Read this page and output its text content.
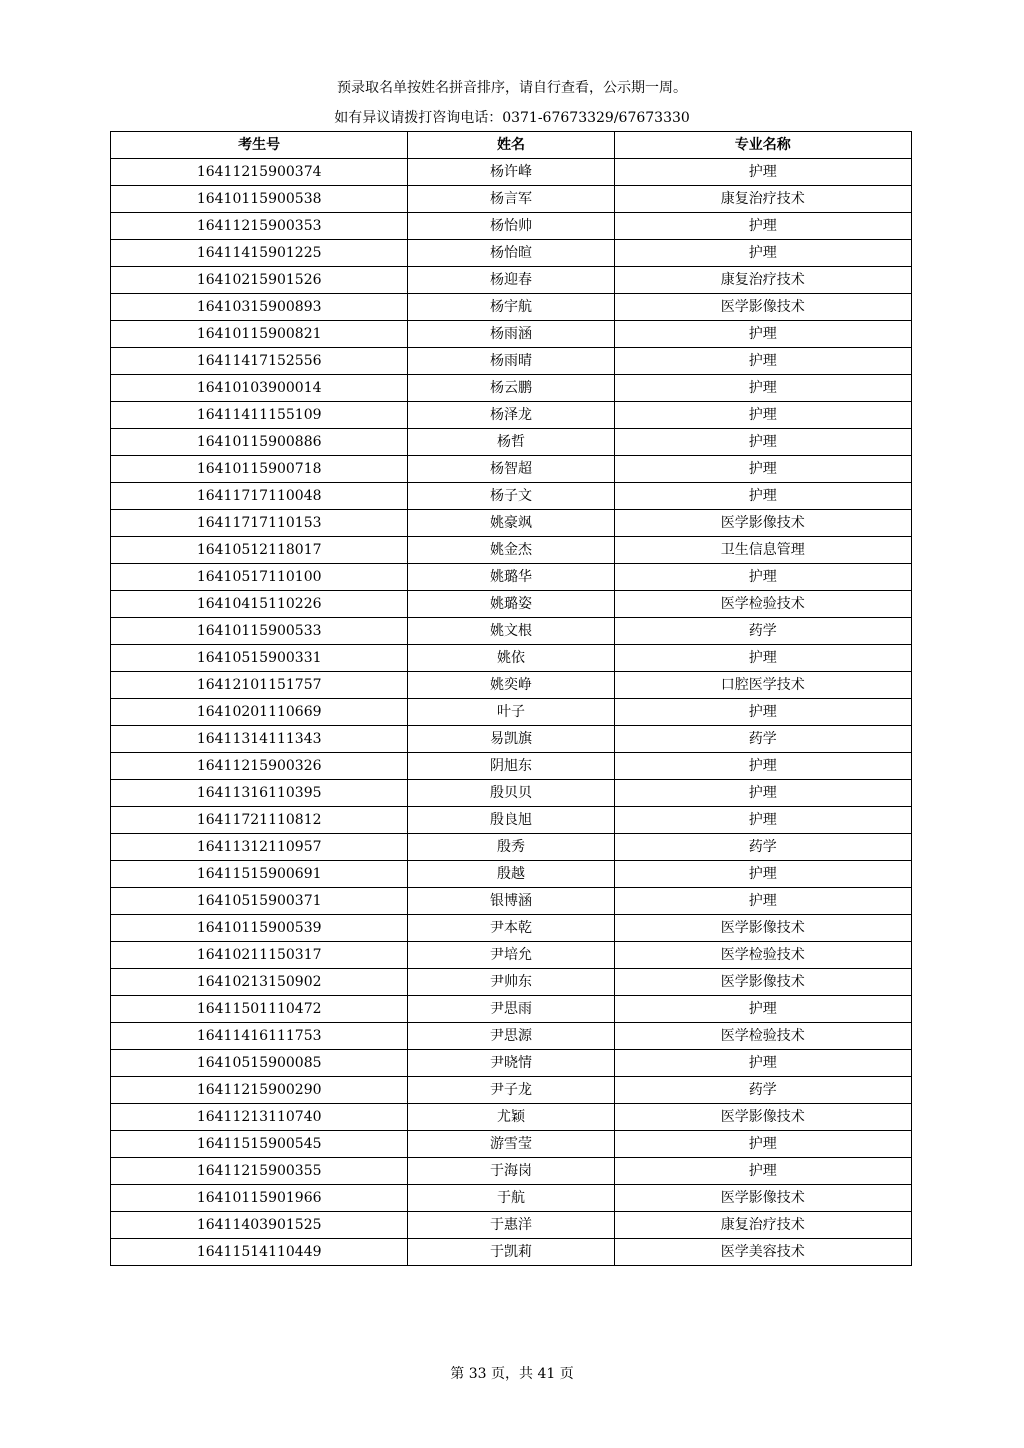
预录取名单按姓名拼音排序，请自行查看，公示期一周。
如有异议请拨打咨询电话：0371-67673329/67673330
考生号	姓名	专业名称
16411215900374	杨许峰	护理
16410115900538	杨言军	康复治疗技术
16411215900353	杨怡帅	护理
16411415901225	杨怡暄	护理
16410215901526	杨迎春	康复治疗技术
16410315900893	杨宇航	医学影像技术
16410115900821	杨雨涵	护理
16411417152556	杨雨晴	护理
16410103900014	杨云鹏	护理
16411411155109	杨泽龙	护理
16410115900886	杨哲	护理
16410115900718	杨智超	护理
16411717110048	杨子文	护理
16411717110153	姚豪飒	医学影像技术
16410512118017	姚金杰	卫生信息管理
16410517110100	姚璐华	护理
16410415110226	姚璐姿	医学检验技术
16410115900533	姚文根	药学
16410515900331	姚依	护理
16412101151757	姚奕峥	口腔医学技术
16410201110669	叶子	护理
16411314111343	易凯旗	药学
16411215900326	阴旭东	护理
16411316110395	殷贝贝	护理
16411721110812	殷良旭	护理
16411312110957	殷秀	药学
16411515900691	殷越	护理
16410515900371	银博涵	护理
16410115900539	尹本乾	医学影像技术
16410211150317	尹培允	医学检验技术
16410213150902	尹帅东	医学影像技术
16411501110472	尹思雨	护理
16411416111753	尹思源	医学检验技术
16410515900085	尹晓情	护理
16411215900290	尹子龙	药学
16411213110740	尤颖	医学影像技术
16411515900545	游雪莹	护理
16411215900355	于海岗	护理
16410115901966	于航	医学影像技术
16411403901525	于惠洋	康复治疗技术
16411514110449	于凯莉	医学美容技术
第 33 页，共 41 页
